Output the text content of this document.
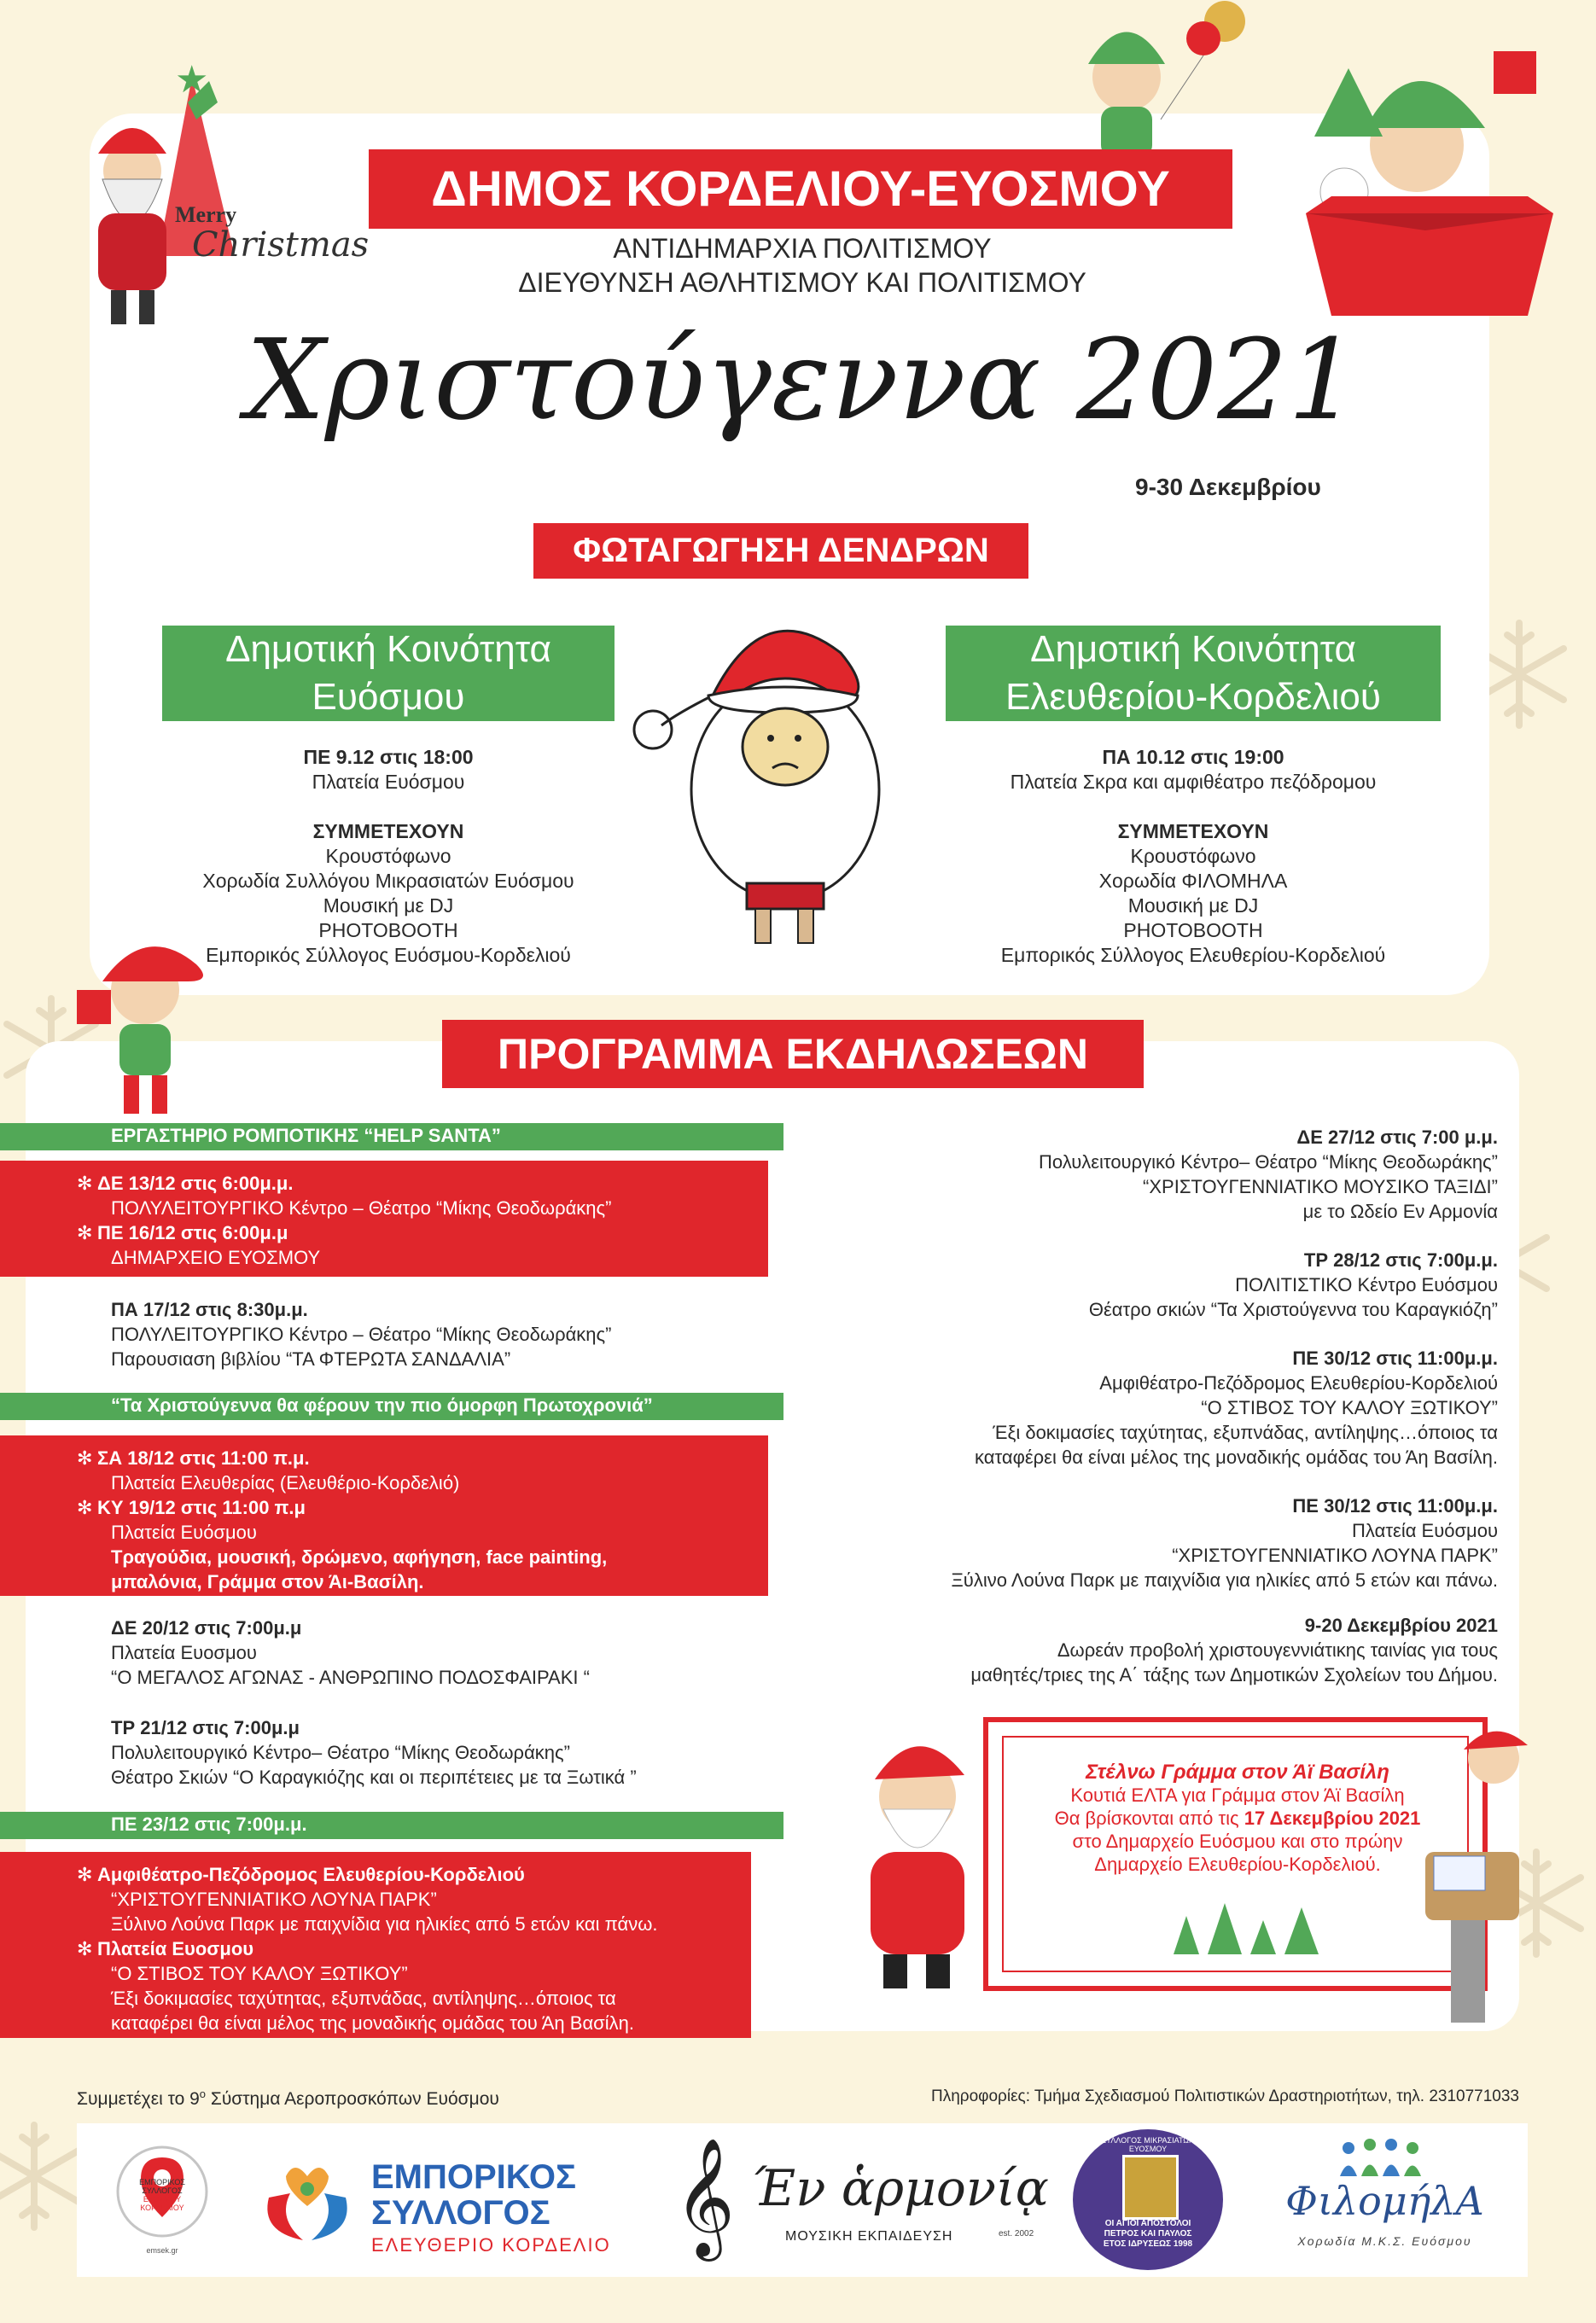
★
Merry
Christmas
ΔΗΜΟΣ ΚΟΡΔΕΛΙΟΥ-ΕΥΟΣΜΟΥ
ΑΝΤΙΔΗΜΑΡΧΙΑ ΠΟΛΙΤΙΣΜΟΥ
ΔΙΕΥΘΥΝΣΗ ΑΘΛΗΤΙΣΜΟΥ ΚΑΙ ΠΟΛΙΤΙΣΜΟΥ
Χριστούγεννα 2021
9-30 Δεκεμβρίου
ΦΩΤΑΓΩΓΗΣΗ ΔΕΝΔΡΩΝ
Δημοτική Κοινότητα
Ευόσμου
ΠΕ 9.12 στις 18:00
Πλατεία Ευόσμου

ΣΥΜΜΕΤΕΧΟΥΝ
Κρουστόφωνο
Χορωδία Συλλόγου Μικρασιατών Ευόσμου
Μουσική με DJ
PHOTOBOOTH
Εμπορικός Σύλλογος Ευόσμου-Κορδελιού
Δημοτική Κοινότητα
Ελευθερίου-Κορδελιού
ΠΑ 10.12 στις 19:00
Πλατεία Σκρα και αμφιθέατρο πεζόδρομου

ΣΥΜΜΕΤΕΧΟΥΝ
Κρουστόφωνο
Χορωδία ΦΙΛΟΜΗΛΑ
Μουσική με DJ
PHOTOBOOTH
Εμπορικός Σύλλογος Ελευθερίου-Κορδελιού
ΠΡΟΓΡΑΜΜΑ ΕΚΔΗΛΩΣΕΩΝ
ΕΡΓΑΣΤΗΡΙΟ ΡΟΜΠΟΤΙΚΗΣ “HELP SANTA”
✻ ΔΕ 13/12 στις 6:00μ.μ.
ΠΟΛΥΛΕΙΤΟΥΡΓΙΚΟ Κέντρο – Θέατρο “Μίκης Θεοδωράκης”
✻ ΠΕ 16/12 στις 6:00μ.μ
ΔΗΜΑΡΧΕΙΟ ΕΥΟΣΜΟΥ
ΠΑ 17/12 στις 8:30μ.μ.
ΠΟΛΥΛΕΙΤΟΥΡΓΙΚΟ Κέντρο – Θέατρο “Μίκης Θεοδωράκης”
Παρουσιαση βιβλίου “ΤΑ ΦΤΕΡΩΤΑ ΣΑΝΔΑΛΙΑ”
“Τα Χριστούγεννα θα φέρουν την πιο όμορφη Πρωτοχρονιά”
✻ ΣΑ 18/12 στις 11:00 π.μ.
Πλατεία Ελευθερίας (Ελευθέριο-Κορδελιό)
✻ ΚΥ 19/12 στις 11:00 π.μ
Πλατεία Ευόσμου
Τραγούδια, μουσική, δρώμενο, αφήγηση, face painting,
μπαλόνια, Γράμμα στον Άι-Βασίλη.
ΔΕ 20/12 στις 7:00μ.μ
Πλατεία Ευοσμου
“Ο ΜΕΓΑΛΟΣ ΑΓΩΝΑΣ - ΑΝΘΡΩΠΙΝΟ ΠΟΔΟΣΦΑΙΡΑΚΙ “
ΤΡ 21/12 στις 7:00μ.μ
Πολυλειτουργικό Κέντρο– Θέατρο “Μίκης Θεοδωράκης”
Θέατρο Σκιών “Ο Καραγκιόζης και οι περιπέτειες με τα Ξωτικά ”
ΠΕ 23/12 στις 7:00μ.μ.
✻ Αμφιθέατρο-Πεζόδρομος Ελευθερίου-Κορδελιού
“ΧΡΙΣΤΟΥΓΕΝΝΙΑΤΙΚΟ ΛΟΥΝΑ ΠΑΡΚ”
Ξύλινο Λούνα Παρκ με παιχνίδια για ηλικίες από 5 ετών και πάνω.
✻ Πλατεία Ευοσμου
“Ο ΣΤΙΒΟΣ ΤΟΥ ΚΑΛΟΥ ΞΩΤΙΚΟΥ”
Έξι δοκιμασίες ταχύτητας, εξυπνάδας, αντίληψης…όποιος τα
καταφέρει θα είναι μέλος της μοναδικής ομάδας του Άη Βασίλη.
ΔΕ 27/12 στις 7:00 μ.μ.
Πολυλειτουργικό Κέντρο– Θέατρο “Μίκης Θεοδωράκης”
“ΧΡΙΣΤΟΥΓΕΝΝΙΑΤΙΚΟ ΜΟΥΣΙΚΟ ΤΑΞΙΔΙ”
με το Ωδείο Εν Αρμονία
ΤΡ 28/12 στις 7:00μ.μ.
ΠΟΛΙΤΙΣΤΙΚΟ Κέντρο Ευόσμου
Θέατρο σκιών “Τα Χριστούγεννα του Καραγκιόζη”
ΠΕ 30/12 στις 11:00μ.μ.
Αμφιθέατρο-Πεζόδρομος Ελευθερίου-Κορδελιού
“Ο ΣΤΙΒΟΣ ΤΟΥ ΚΑΛΟΥ ΞΩΤΙΚΟΥ”
Έξι δοκιμασίες ταχύτητας, εξυπνάδας, αντίληψης…όποιος τα
καταφέρει θα είναι μέλος της μοναδικής ομάδας του Άη Βασίλη.
ΠΕ 30/12 στις 11:00μ.μ.
Πλατεία Ευόσμου
“ΧΡΙΣΤΟΥΓΕΝΝΙΑΤΙΚΟ ΛΟΥΝΑ ΠΑΡΚ”
Ξύλινο Λούνα Παρκ με παιχνίδια για ηλικίες από 5 ετών και πάνω.
9-20 Δεκεμβρίου 2021
Δωρεάν προβολή χριστουγεννιάτικης ταινίας για τους
μαθητές/τριες της Α΄ τάξης των Δημοτικών Σχολείων του Δήμου.
Στέλνω Γράμμα στον Άϊ Βασίλη
Κουτιά ΕΛΤΑ για Γράμμα στον Άϊ Βασίλη
Θα βρίσκονται από τις 17 Δεκεμβρίου 2021
στο Δημαρχείο Ευόσμου και στο πρώην
Δημαρχείο Ελευθερίου-Κορδελιού.
Συμμετέχει το $9^o$ Σύστημα Αεροπροσκόπων Ευόσμου	Πληροφορίες: Τμήμα Σχεδιασμού Πολιτιστικών Δραστηριοτήτων, τηλ. 2310771033
ΕΜΠΟΡΙΚΟΣ
ΣΥΛΛΟΓΟΣ
ΕΥΟΣΜΟΥ
ΚΟΡΔΕΛΙΟΥ
emsek.gr
ΕΜΠΟΡΙΚΟΣ
ΣΥΛΛΟΓΟΣ
ΕΛΕΥΘΕΡΙΟ ΚΟΡΔΕΛΙΟ 𝄞 Έν ἁρμονίᾳ
ΜΟΥΣΙΚΗ ΕΚΠΑΙΔΕΥΣΗ	est. 2002
ΣΥΛΛΟΓΟΣ ΜΙΚΡΑΣΙΑΤΩΝ ΕΥΟΣΜΟΥ
ΟΙ ΑΓΙΟΙ ΑΠΟΣΤΟΛΟΙ
ΠΕΤΡΟΣ ΚΑΙ ΠΑΥΛΟΣ
ΕΤΟΣ ΙΔΡΥΣΕΩΣ 1998
ΦιλoμήλΑ
Χορωδία Μ.Κ.Σ. Ευόσμου
